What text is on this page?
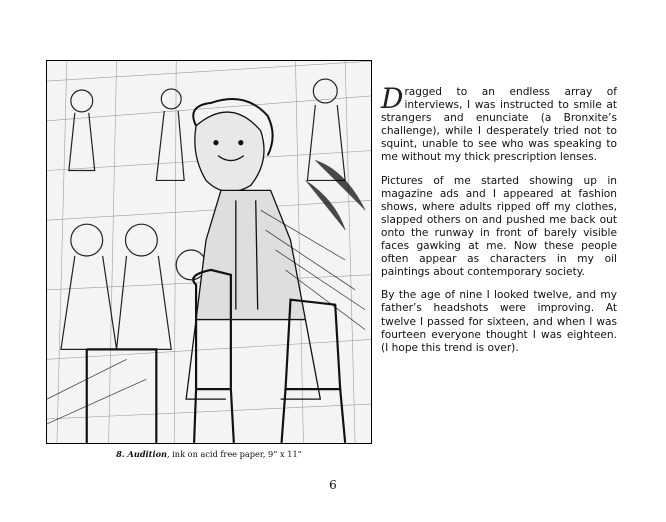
8. Audition, ink on acid free paper, 9” x 11”

Dragged to an endless array of interviews, I was instructed to smile at strangers and enunciate (a Bronxite’s challenge), while I desperately tried not to squint, unable to see who was speaking to me without my thick prescription lenses.

Pictures of me started showing up in magazine ads and I appeared at fashion shows, where adults ripped off my clothes, slapped others on and pushed me back out onto the runway in front of barely visible faces gawking at me. Now these people often appear as characters in my oil paintings about contemporary society.

By the age of nine I looked twelve, and my father’s headshots were improving. At twelve I passed for sixteen, and when I was fourteen everyone thought I was eighteen. (I hope this trend is over).

6
